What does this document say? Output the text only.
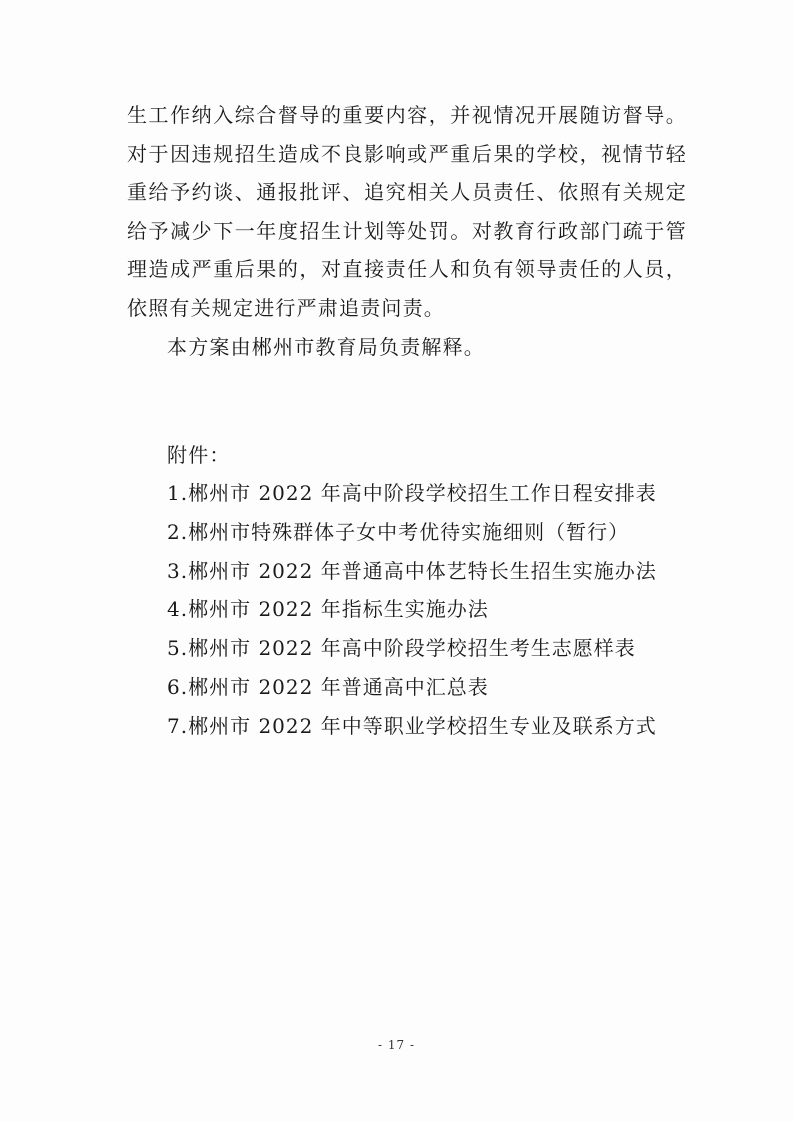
生工作纳入综合督导的重要内容，并视情况开展随访督导。对于因违规招生造成不良影响或严重后果的学校，视情节轻重给予约谈、通报批评、追究相关人员责任、依照有关规定给予减少下一年度招生计划等处罚。对教育行政部门疏于管理造成严重后果的，对直接责任人和负有领导责任的人员，依照有关规定进行严肃追责问责。

本方案由郴州市教育局负责解释。

附件：

1.郴州市 2022 年高中阶段学校招生工作日程安排表
2.郴州市特殊群体子女中考优待实施细则（暂行）
3.郴州市 2022 年普通高中体艺特长生招生实施办法
4.郴州市 2022 年指标生实施办法
5.郴州市 2022 年高中阶段学校招生考生志愿样表
6.郴州市 2022 年普通高中汇总表
7.郴州市 2022 年中等职业学校招生专业及联系方式
- 17 -
